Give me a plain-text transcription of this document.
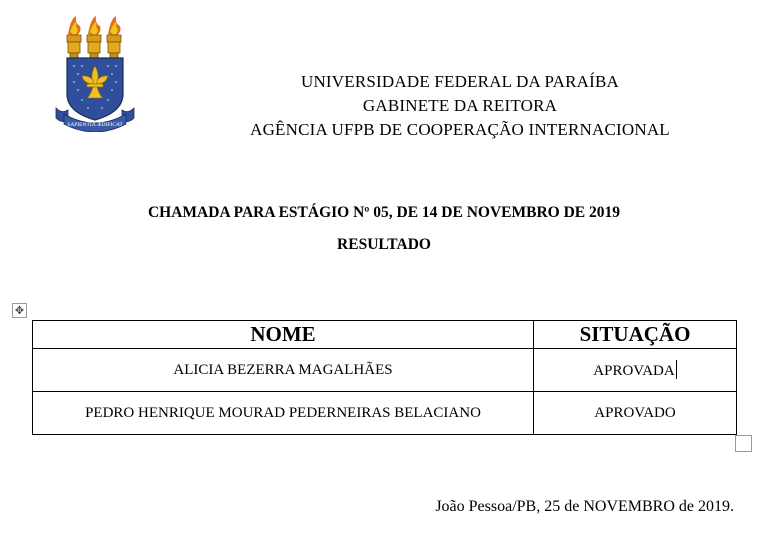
SAPIENTIA ÆDIFICAT
UNIVERSIDADE FEDERAL DA PARAÍBA
GABINETE DA REITORA
AGÊNCIA UFPB DE COOPERAÇÃO INTERNACIONAL
CHAMADA PARA ESTÁGIO Nº 05, DE 14 DE NOVEMBRO DE 2019
RESULTADO
✥
NOME	SITUAÇÃO
ALICIA BEZERRA MAGALHÃES	APROVADA
PEDRO HENRIQUE MOURAD PEDERNEIRAS BELACIANO	APROVADO
João Pessoa/PB, 25 de NOVEMBRO de 2019.
